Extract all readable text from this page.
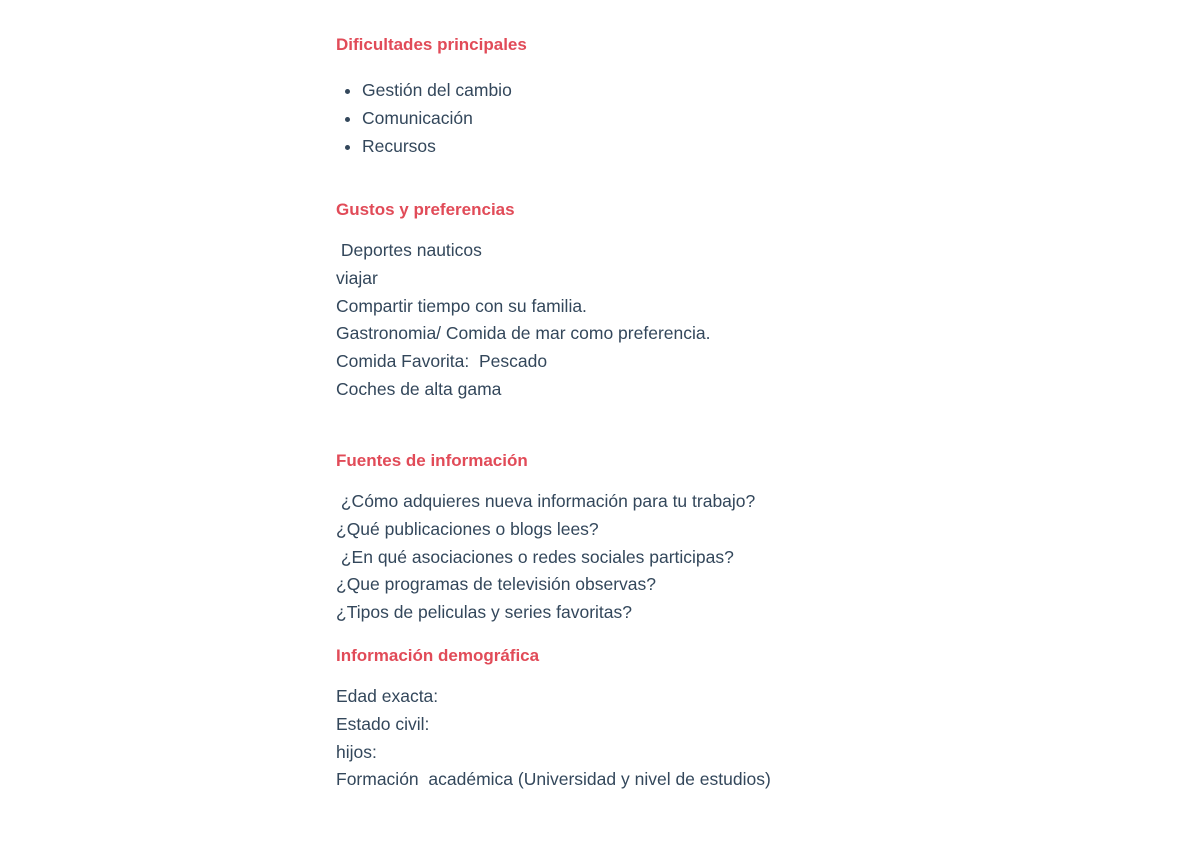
Dificultades principales
Gestión del cambio
Comunicación
Recursos
Gustos y preferencias

Deportes nauticos

viajar

Compartir tiempo con su familia.

Gastronomia/ Comida de mar como preferencia.

Comida Favorita:  Pescado

Coches de alta gama

Fuentes de información

¿Cómo adquieres nueva información para tu trabajo?

¿Qué publicaciones o blogs lees?

¿En qué asociaciones o redes sociales participas?

¿Que programas de televisión observas?

¿Tipos de peliculas y series favoritas?

Información demográfica

Edad exacta:

Estado civil:

hijos:

Formación  académica (Universidad y nivel de estudios)
